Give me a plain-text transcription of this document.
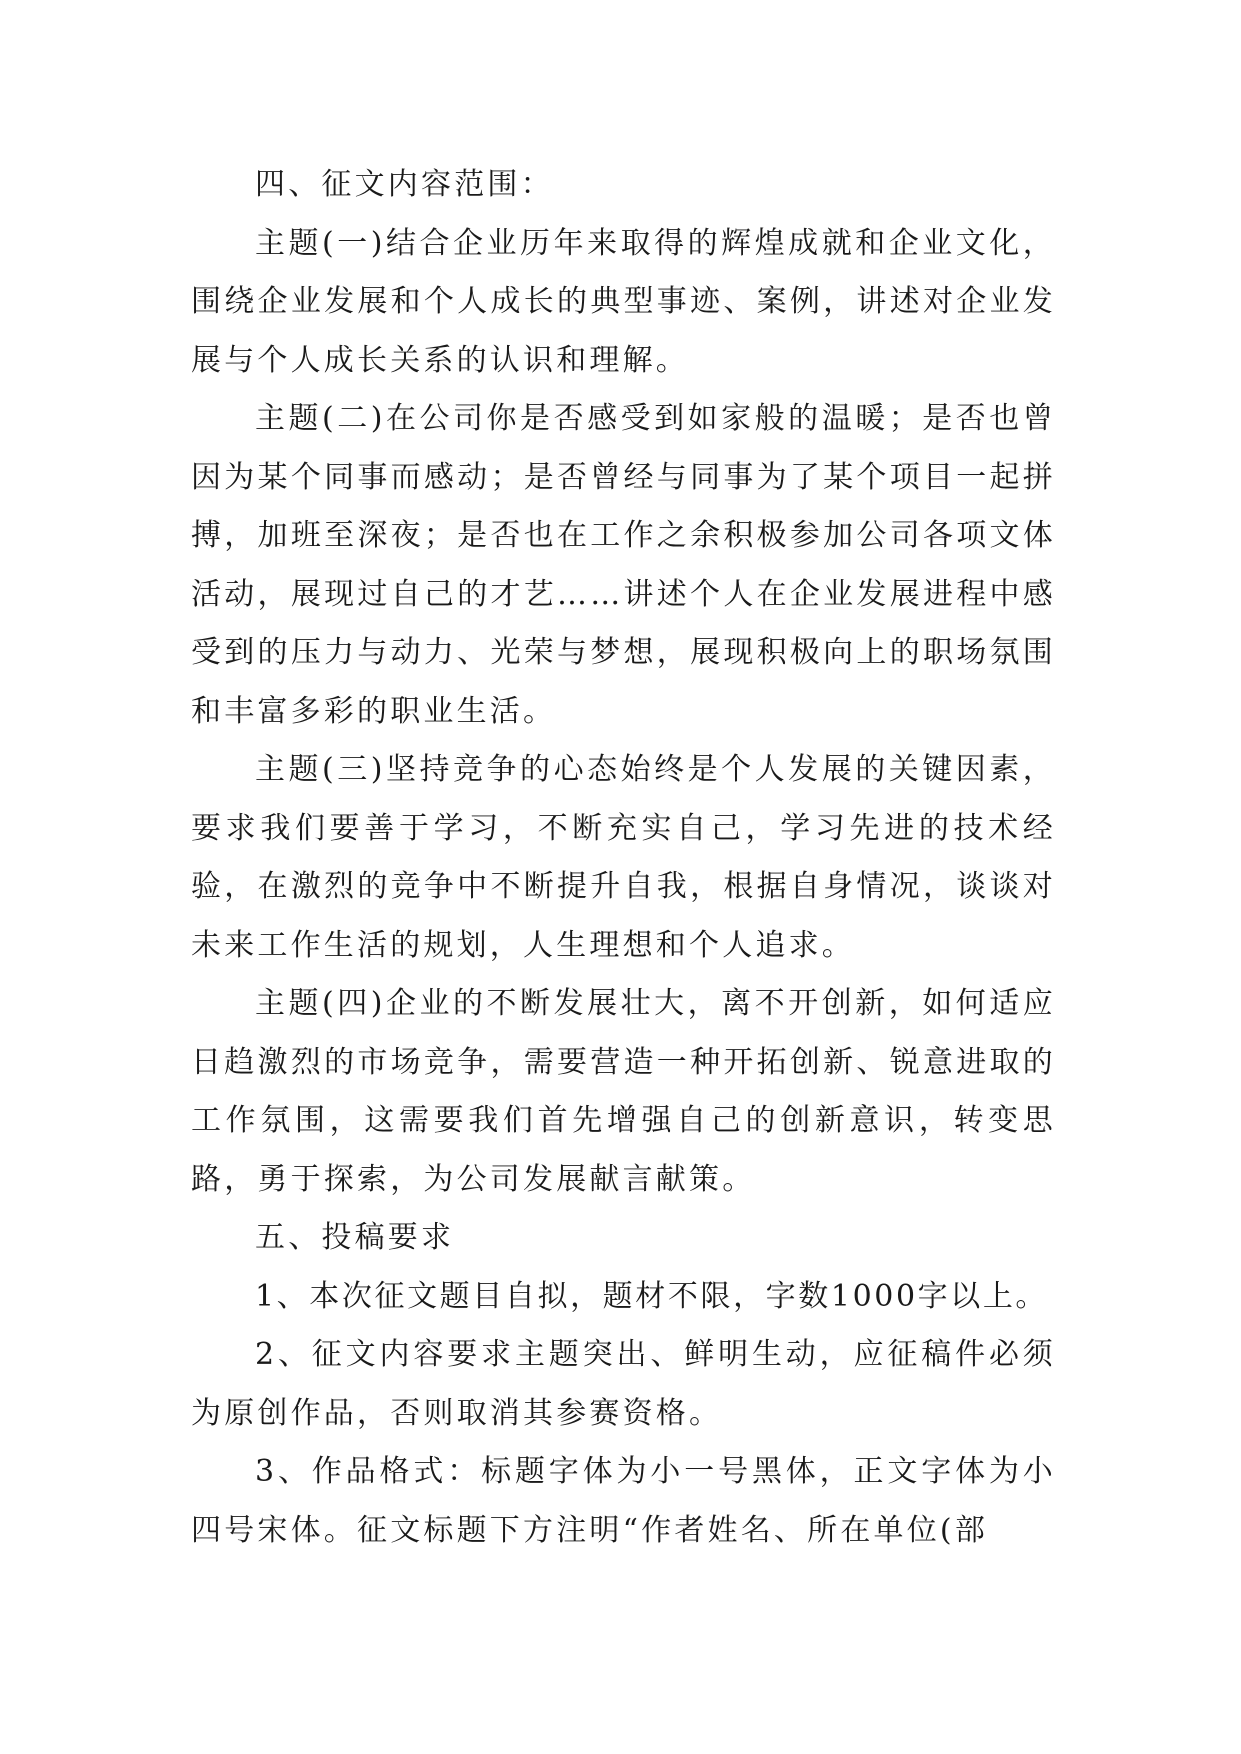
四、征文内容范围：

主题(一)结合企业历年来取得的辉煌成就和企业文化，围绕企业发展和个人成长的典型事迹、案例，讲述对企业发展与个人成长关系的认识和理解。

主题(二)在公司你是否感受到如家般的温暖；是否也曾因为某个同事而感动；是否曾经与同事为了某个项目一起拼搏，加班至深夜；是否也在工作之余积极参加公司各项文体活动，展现过自己的才艺……讲述个人在企业发展进程中感受到的压力与动力、光荣与梦想，展现积极向上的职场氛围和丰富多彩的职业生活。

主题(三)坚持竞争的心态始终是个人发展的关键因素，要求我们要善于学习，不断充实自己，学习先进的技术经验，在激烈的竞争中不断提升自我，根据自身情况，谈谈对未来工作生活的规划，人生理想和个人追求。

主题(四)企业的不断发展壮大，离不开创新，如何适应日趋激烈的市场竞争，需要营造一种开拓创新、锐意进取的工作氛围，这需要我们首先增强自己的创新意识，转变思路，勇于探索，为公司发展献言献策。

五、投稿要求

1、本次征文题目自拟，题材不限，字数1000字以上。

2、征文内容要求主题突出、鲜明生动，应征稿件必须为原创作品，否则取消其参赛资格。

3、作品格式：标题字体为小一号黑体，正文字体为小四号宋体。征文标题下方注明“作者姓名、所在单位(部
